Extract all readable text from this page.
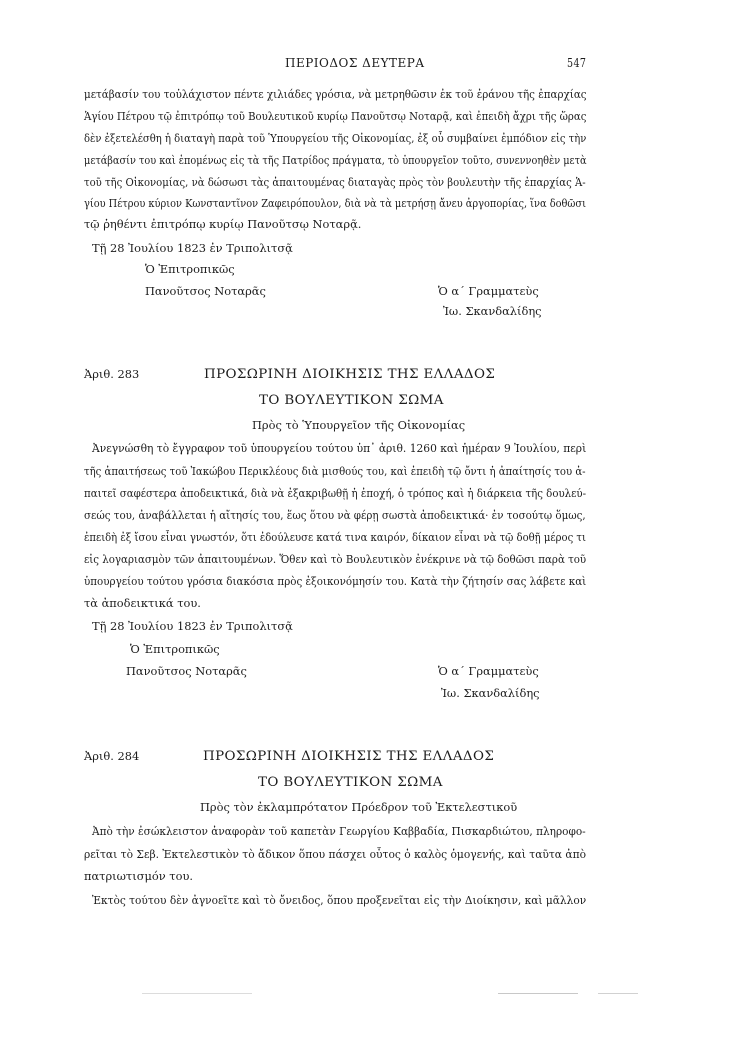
ΠΕΡΙΟΔΟΣ ΔΕΥΤΕΡΑ	547
μετάβασίν του τοὐλάχιστον πέντε χιλιάδες γρόσια, νὰ μετρηθῶσιν ἐκ τοῦ ἐράνου τῆς ἐπαρχίας
Ἁγίου Πέτρου τῷ ἐπιτρόπῳ τοῦ Βουλευτικοῦ κυρίῳ Πανοῦτσῳ Νοταρᾷ, καὶ ἐπειδὴ ἄχρι τῆς ὥρας
δὲν ἐξετελέσθη ἡ διαταγὴ παρὰ τοῦ Ὑπουργείου τῆς Οἰκονομίας, ἐξ οὗ συμβαίνει ἐμπόδιον εἰς τὴν
μετάβασίν του καὶ ἑπομένως εἰς τὰ τῆς Πατρίδος πράγματα, τὸ ὑπουργεῖον τοῦτο, συνεννοηθὲν μετὰ
τοῦ τῆς Οἰκονομίας, νὰ δώσωσι τὰς ἀπαιτουμένας διαταγὰς πρὸς τὸν βουλευτὴν τῆς ἐπαρχίας Ἁ-
γίου Πέτρου κύριον Κωνσταντῖνον Ζαφειρόπουλον, διὰ νὰ τὰ μετρήσῃ ἄνευ ἀργοπορίας, ἵνα δοθῶσι
τῷ ῥηθέντι ἐπιτρόπῳ κυρίῳ Πανοῦτσῳ Νοταρᾷ.
Τῇ 28 Ἰουλίου 1823 ἐν Τριπολιτσᾷ
Ὁ Ἐπιτροπικῶς
Πανοῦτσος Νοταρᾶς	Ὁ α΄ Γραμματεὺς
Ἰω. Σκανδαλίδης
Ἀριθ. 283	ΠΡΟΣΩΡΙΝΗ ΔΙΟΙΚΗΣΙΣ ΤΗΣ ΕΛΛΑΔΟΣ
ΤΟ ΒΟΥΛΕΥΤΙΚΟΝ ΣΩΜΑ
Πρὸς τὸ Ὑπουργεῖον τῆς Οἰκονομίας
Ἀνεγνώσθη τὸ ἔγγραφον τοῦ ὑπουργείου τούτου ὑπ᾿ ἀριθ. 1260 καὶ ἡμέραν 9 Ἰουλίου, περὶ
τῆς ἀπαιτήσεως τοῦ Ἰακώβου Περικλέους διὰ μισθούς του, καὶ ἐπειδὴ τῷ ὄντι ἡ ἀπαίτησίς του ἀ-
παιτεῖ σαφέστερα ἀποδεικτικά, διὰ νὰ ἐξακριβωθῇ ἡ ἐποχή, ὁ τρόπος καὶ ἡ διάρκεια τῆς δουλεύ-
σεώς του, ἀναβάλλεται ἡ αἴτησίς του, ἕως ὅτου νὰ φέρῃ σωστὰ ἀποδεικτικά· ἐν τοσούτῳ ὅμως,
ἐπειδὴ ἐξ ἴσου εἶναι γνωστόν, ὅτι ἐδούλευσε κατά τινα καιρόν, δίκαιον εἶναι νὰ τῷ δοθῇ μέρος τι
εἰς λογαριασμὸν τῶν ἀπαιτουμένων. Ὅθεν καὶ τὸ Βουλευτικὸν ἐνέκρινε νὰ τῷ δοθῶσι παρὰ τοῦ
ὑπουργείου τούτου γρόσια διακόσια πρὸς ἐξοικονόμησίν του. Κατὰ τὴν ζήτησίν σας λάβετε καὶ
τὰ ἀποδεικτικά του.
Τῇ 28 Ἰουλίου 1823 ἐν Τριπολιτσᾷ
Ὁ Ἐπιτροπικῶς
Πανοῦτσος Νοταρᾶς	Ὁ α΄ Γραμματεὺς
Ἰω. Σκανδαλίδης
Ἀριθ. 284	ΠΡΟΣΩΡΙΝΗ ΔΙΟΙΚΗΣΙΣ ΤΗΣ ΕΛΛΑΔΟΣ
ΤΟ ΒΟΥΛΕΥΤΙΚΟΝ ΣΩΜΑ
Πρὸς τὸν ἐκλαμπρότατον Πρόεδρον τοῦ Ἐκτελεστικοῦ
Ἀπὸ τὴν ἐσώκλειστον ἀναφορὰν τοῦ καπετὰν Γεωργίου Καββαδία, Πισκαρδιώτου, πληροφο-
ρεῖται τὸ Σεβ. Ἐκτελεστικὸν τὸ ἄδικον ὅπου πάσχει οὗτος ὁ καλὸς ὁμογενής, καὶ ταῦτα ἀπὸ
πατριωτισμόν του.
Ἐκτὸς τούτου δὲν ἀγνοεῖτε καὶ τὸ ὄνειδος, ὅπου προξενεῖται εἰς τὴν Διοίκησιν, καὶ μᾶλλον
